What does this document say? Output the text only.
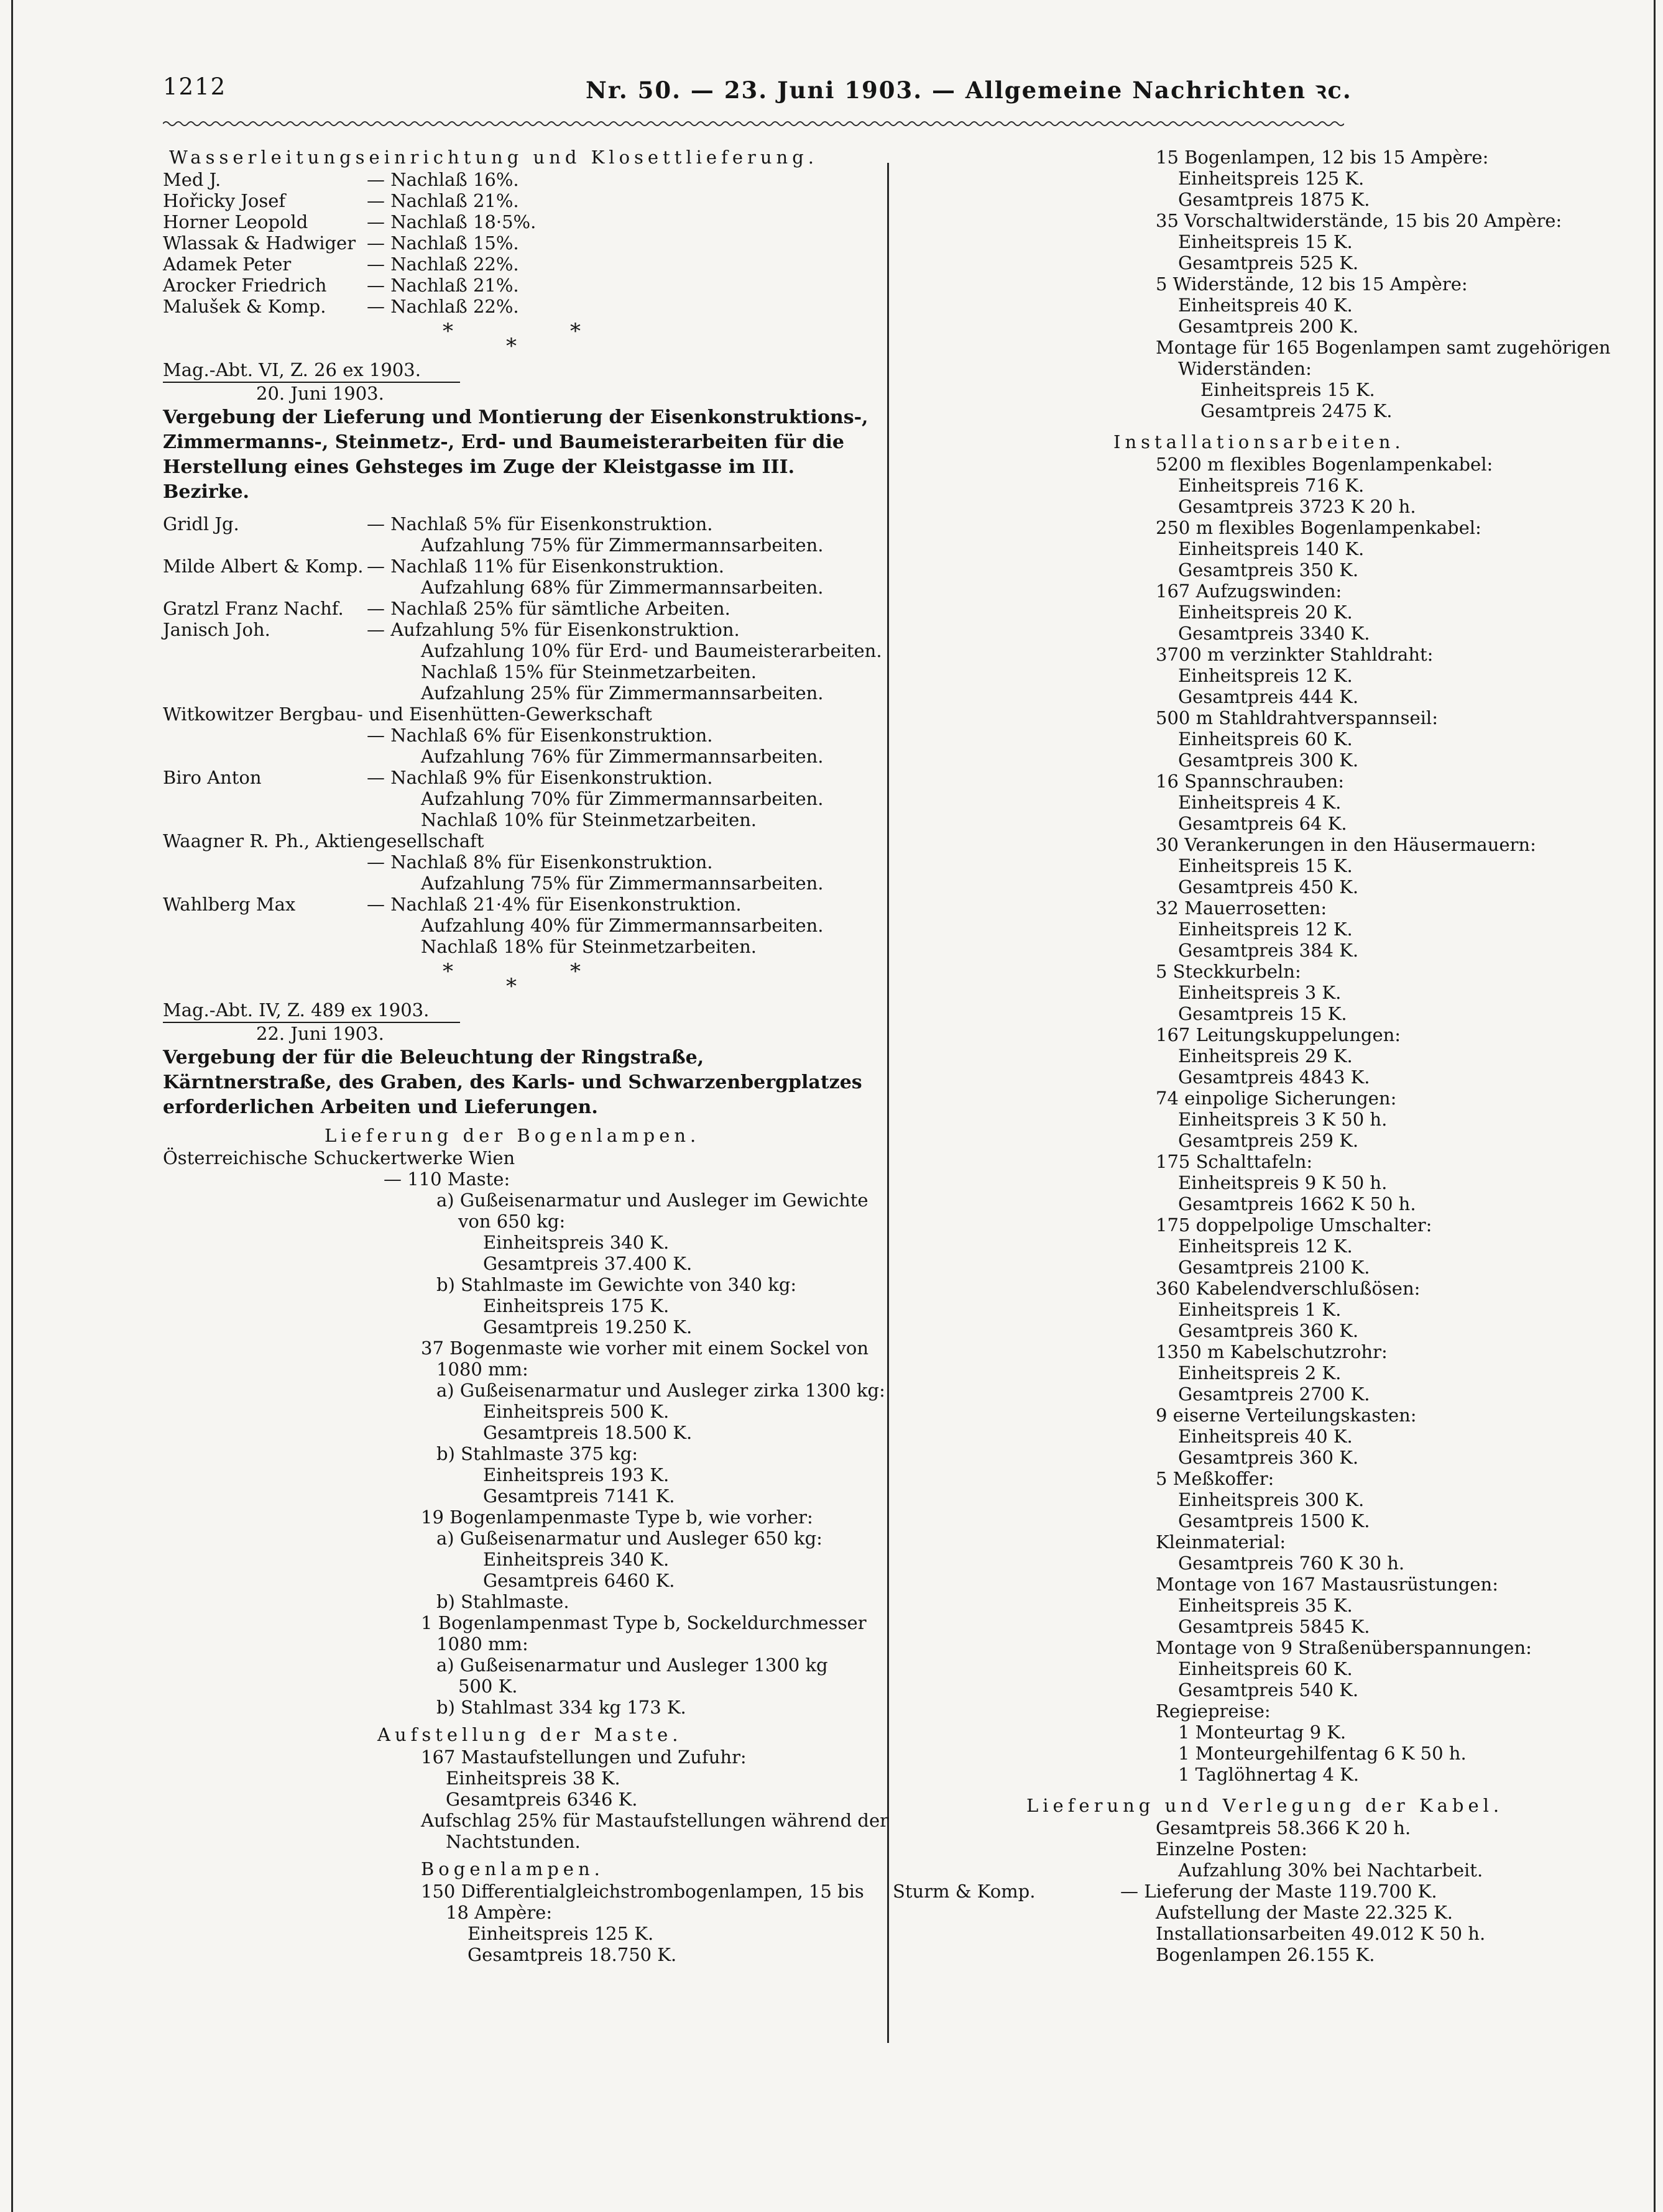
1212	Nr. 50. — 23. Juni 1903. — Allgemeine Nachrichten ꝛc.
Wasserleitungseinrichtung und Klosettlieferung.
Med J.	— Nachlaß 16%.
Hořicky Josef	— Nachlaß 21%.
Horner Leopold	— Nachlaß 18·5%.
Wlassak & Hadwiger — Nachlaß 15%.
Adamek Peter	— Nachlaß 22%.
Arocker Friedrich — Nachlaß 21%.
Malušek & Komp. — Nachlaß 22%.
*	*
*
Mag.-Abt. VI, Z. 26 ex 1903.
20. Juni 1903.
Vergebung der Lieferung und Montierung der Eisenkonstruktions-, Zimmermanns-, Steinmetz-, Erd- und Baumeisterarbeiten für die Herstellung eines Gehsteges im Zuge der Kleistgasse im III. Bezirke.
Gridl Jg.	— Nachlaß 5% für Eisenkonstruktion.
Aufzahlung 75% für Zimmermannsarbeiten.
Milde Albert & Komp. — Nachlaß 11% für Eisenkonstruktion.
Aufzahlung 68% für Zimmermannsarbeiten.
Gratzl Franz Nachf. — Nachlaß 25% für sämtliche Arbeiten.
Janisch Joh.	— Aufzahlung 5% für Eisenkonstruktion.
Aufzahlung 10% für Erd- und Baumeisterarbeiten.
Nachlaß 15% für Steinmetzarbeiten.
Aufzahlung 25% für Zimmermannsarbeiten.
Witkowitzer Bergbau- und Eisenhütten-Gewerkschaft
— Nachlaß 6% für Eisenkonstruktion.
Aufzahlung 76% für Zimmermannsarbeiten.
Biro Anton	— Nachlaß 9% für Eisenkonstruktion.
Aufzahlung 70% für Zimmermannsarbeiten.
Nachlaß 10% für Steinmetzarbeiten.
Waagner R. Ph., Aktiengesellschaft
— Nachlaß 8% für Eisenkonstruktion.
Aufzahlung 75% für Zimmermannsarbeiten.
Wahlberg Max	— Nachlaß 21·4% für Eisenkonstruktion.
Aufzahlung 40% für Zimmermannsarbeiten.
Nachlaß 18% für Steinmetzarbeiten.
*	*
*
Mag.-Abt. IV, Z. 489 ex 1903.
22. Juni 1903.
Vergebung der für die Beleuchtung der Ringstraße, Kärntnerstraße, des Graben, des Karls- und Schwarzenbergplatzes erforderlichen Arbeiten und Lieferungen.
Lieferung der Bogenlampen.
Österreichische Schuckertwerke Wien
— 110 Maste:
a) Gußeisenarmatur und Ausleger im Gewichte
von 650 kg:
Einheitspreis 340 K.
Gesamtpreis 37.400 K.
b) Stahlmaste im Gewichte von 340 kg:
Einheitspreis 175 K.
Gesamtpreis 19.250 K.
37 Bogenmaste wie vorher mit einem Sockel von
1080 mm:
a) Gußeisenarmatur und Ausleger zirka 1300 kg:
Einheitspreis 500 K.
Gesamtpreis 18.500 K.
b) Stahlmaste 375 kg:
Einheitspreis 193 K.
Gesamtpreis 7141 K.
19 Bogenlampenmaste Type b, wie vorher:
a) Gußeisenarmatur und Ausleger 650 kg:
Einheitspreis 340 K.
Gesamtpreis 6460 K.
b) Stahlmaste.
1 Bogenlampenmast Type b, Sockeldurchmesser
1080 mm:
a) Gußeisenarmatur und Ausleger 1300 kg
500 K.
b) Stahlmast 334 kg 173 K.
Aufstellung der Maste.
167 Mastaufstellungen und Zufuhr:
Einheitspreis 38 K.
Gesamtpreis 6346 K.
Aufschlag 25% für Mastaufstellungen während der
Nachtstunden.
Bogenlampen.
150 Differentialgleichstrombogenlampen, 15 bis
18 Ampère:
Einheitspreis 125 K.
Gesamtpreis 18.750 K.
15 Bogenlampen, 12 bis 15 Ampère:
Einheitspreis 125 K.
Gesamtpreis 1875 K.
35 Vorschaltwiderstände, 15 bis 20 Ampère:
Einheitspreis 15 K.
Gesamtpreis 525 K.
5 Widerstände, 12 bis 15 Ampère:
Einheitspreis 40 K.
Gesamtpreis 200 K.
Montage für 165 Bogenlampen samt zugehörigen
Widerständen:
Einheitspreis 15 K.
Gesamtpreis 2475 K.
Installationsarbeiten.
5200 m flexibles Bogenlampenkabel:
Einheitspreis 716 K.
Gesamtpreis 3723 K 20 h.
250 m flexibles Bogenlampenkabel:
Einheitspreis 140 K.
Gesamtpreis 350 K.
167 Aufzugswinden:
Einheitspreis 20 K.
Gesamtpreis 3340 K.
3700 m verzinkter Stahldraht:
Einheitspreis 12 K.
Gesamtpreis 444 K.
500 m Stahldrahtverspannseil:
Einheitspreis 60 K.
Gesamtpreis 300 K.
16 Spannschrauben:
Einheitspreis 4 K.
Gesamtpreis 64 K.
30 Verankerungen in den Häusermauern:
Einheitspreis 15 K.
Gesamtpreis 450 K.
32 Mauerrosetten:
Einheitspreis 12 K.
Gesamtpreis 384 K.
5 Steckkurbeln:
Einheitspreis 3 K.
Gesamtpreis 15 K.
167 Leitungskuppelungen:
Einheitspreis 29 K.
Gesamtpreis 4843 K.
74 einpolige Sicherungen:
Einheitspreis 3 K 50 h.
Gesamtpreis 259 K.
175 Schalttafeln:
Einheitspreis 9 K 50 h.
Gesamtpreis 1662 K 50 h.
175 doppelpolige Umschalter:
Einheitspreis 12 K.
Gesamtpreis 2100 K.
360 Kabelendverschlußösen:
Einheitspreis 1 K.
Gesamtpreis 360 K.
1350 m Kabelschutzrohr:
Einheitspreis 2 K.
Gesamtpreis 2700 K.
9 eiserne Verteilungskasten:
Einheitspreis 40 K.
Gesamtpreis 360 K.
5 Meßkoffer:
Einheitspreis 300 K.
Gesamtpreis 1500 K.
Kleinmaterial:
Gesamtpreis 760 K 30 h.
Montage von 167 Mastausrüstungen:
Einheitspreis 35 K.
Gesamtpreis 5845 K.
Montage von 9 Straßenüberspannungen:
Einheitspreis 60 K.
Gesamtpreis 540 K.
Regiepreise:
1 Monteurtag 9 K.
1 Monteurgehilfentag 6 K 50 h.
1 Taglöhnertag 4 K.
Lieferung und Verlegung der Kabel.
Gesamtpreis 58.366 K 20 h.
Einzelne Posten:
Aufzahlung 30% bei Nachtarbeit.
Sturm & Komp.	— Lieferung der Maste 119.700 K.
Aufstellung der Maste 22.325 K.
Installationsarbeiten 49.012 K 50 h.
Bogenlampen 26.155 K.
